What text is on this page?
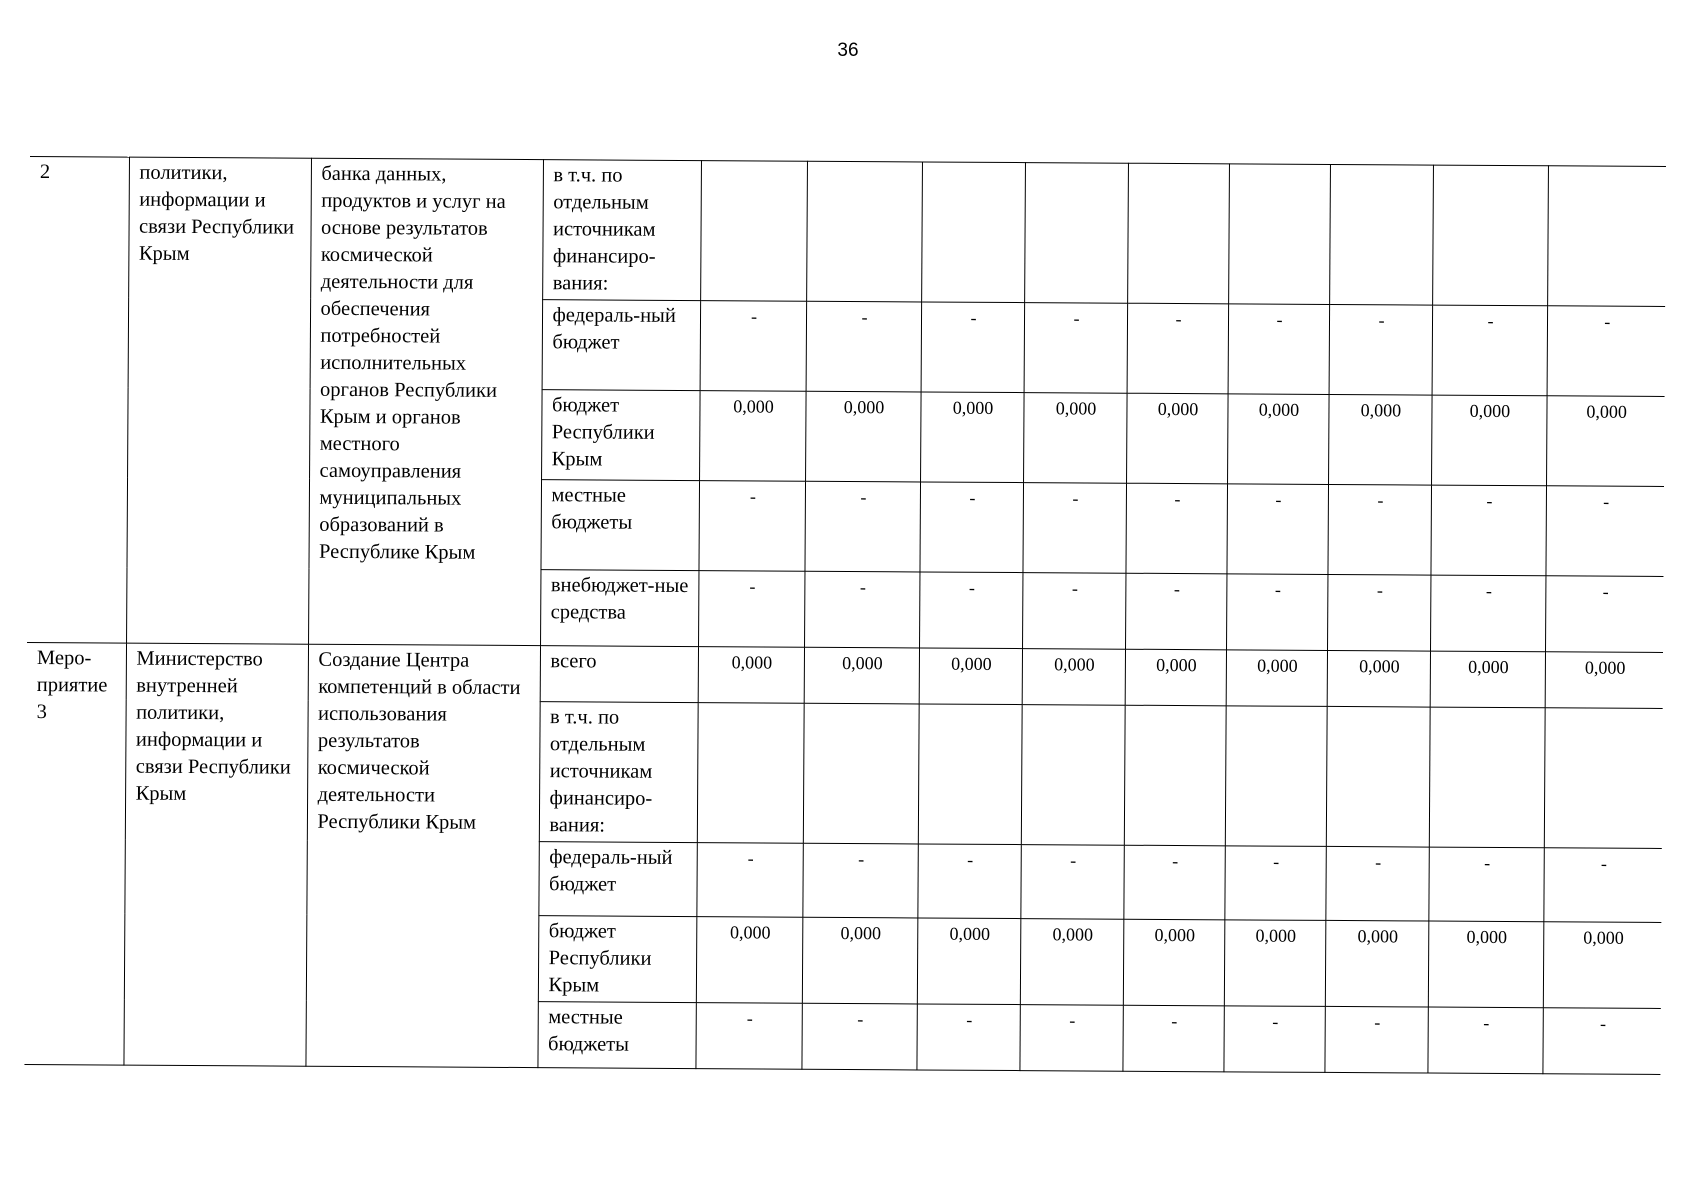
36
2	политики, информации и связи Республики Крым	банка данных, продуктов и услуг на основе результатов космической деятельности для обеспечения потребностей исполнительных органов Республики Крым и органов местного самоуправления муниципальных образований в Республике Крым	в т.ч. по отдельным источникам финансиро-вания:									
			федераль-ный бюджет	-	-	-	-	-	-	-	-	-
			бюджет Республики Крым	0,000	0,000	0,000	0,000	0,000	0,000	0,000	0,000	0,000
			местные бюджеты	-	-	-	-	-	-	-	-	-
			внебюджет-ные средства	-	-	-	-	-	-	-	-	-
Меро-приятие 3	Министерство внутренней политики, информации и связи Республики Крым	Создание Центра компетенций в области использования результатов космической деятельности Республики Крым	всего	0,000	0,000	0,000	0,000	0,000	0,000	0,000	0,000	0,000
			в т.ч. по отдельным источникам финансиро-вания:									
			федераль-ный бюджет	-	-	-	-	-	-	-	-	-
			бюджет Республики Крым	0,000	0,000	0,000	0,000	0,000	0,000	0,000	0,000	0,000
			местные бюджеты	-	-	-	-	-	-	-	-	-
